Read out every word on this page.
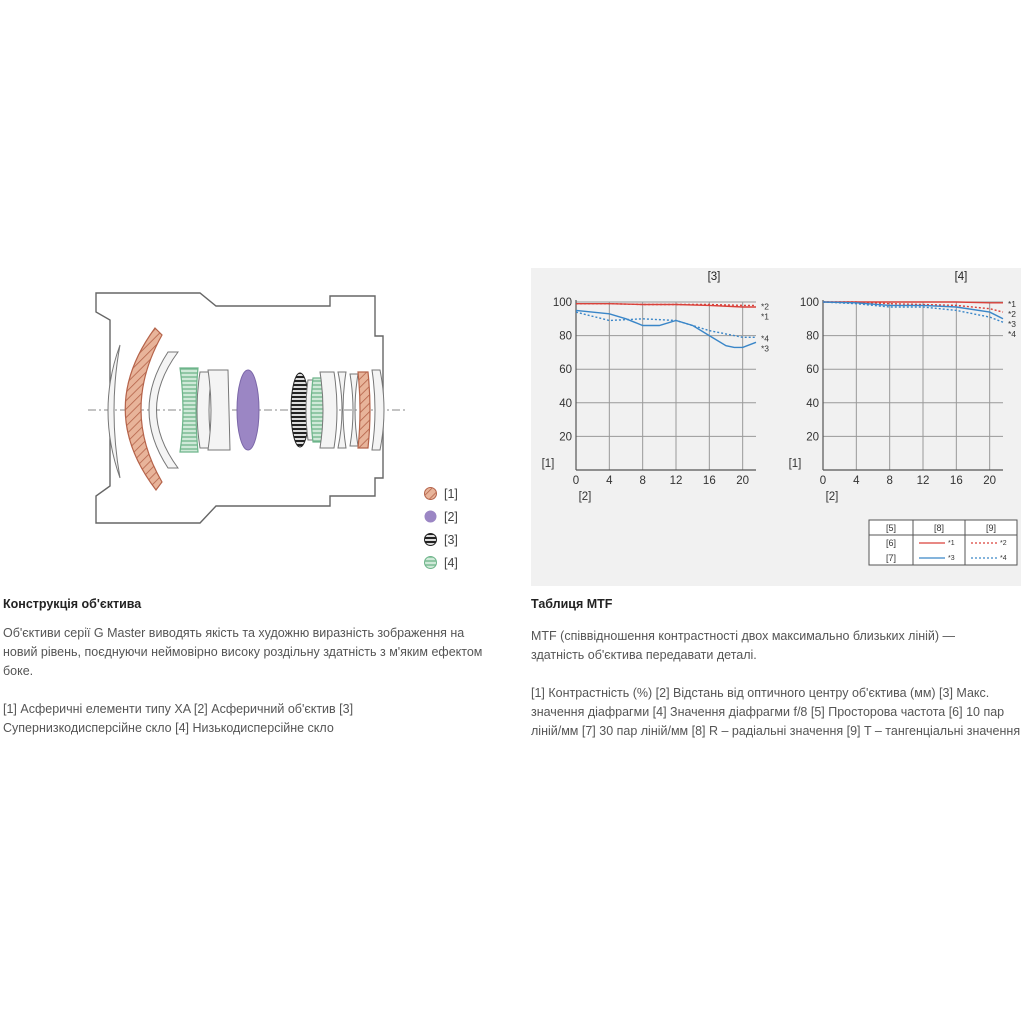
[1]
[2]
[3]
[4]
[3]
20
40
60
80
100
0 4 8 12 16 20
[1]
[2]
*2
*1
*4
*3
[4]
20
40
60
80
100
0 4 8 12 16 20
[1]
[2]
*1
*2
*3
*4
[5]	[8]	[9]
[6]	*1	*2
[7]	*3	*4
Конструкція об'єктива
Об'єктиви серії G Master виводять якість та художню виразність зображення на новий рівень, поєднуючи неймовірно високу роздільну здатність з м'яким ефектом боке.
[1] Асферичні елементи типу XA [2] Асферичний об'єктив [3] Супернизкодисперсійне скло [4] Низькодисперсійне скло
Таблиця MTF
MTF (співвідношення контрастності двох максимально близьких ліній) — здатність об'єктива передавати деталі.
[1] Контрастність (%) [2] Відстань від оптичного центру об'єктива (мм) [3] Макс. значення діафрагми [4] Значення діафрагми f/8 [5] Просторова частота [6] 10 пар ліній/мм [7] 30 пар ліній/мм [8] R – радіальні значення [9] T – тангенціальні значення
